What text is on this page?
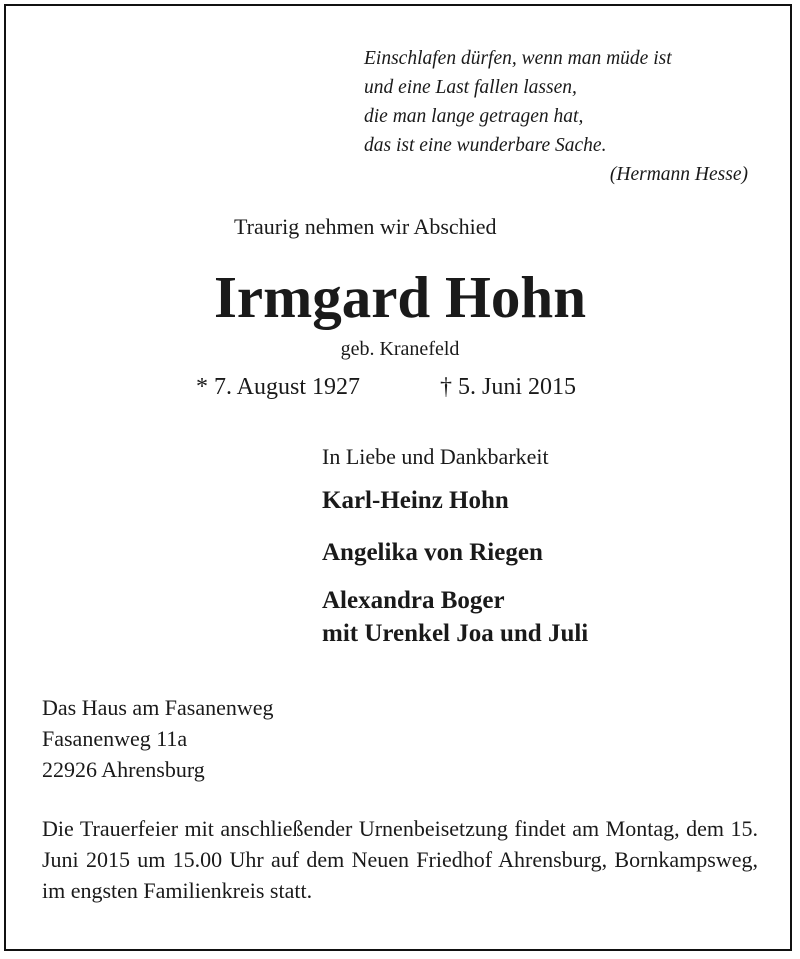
Einschlafen dürfen, wenn man müde ist
und eine Last fallen lassen,
die man lange getragen hat,
das ist eine wunderbare Sache.
(Hermann Hesse)
Traurig nehmen wir Abschied
Irmgard Hohn
geb. Kranefeld
* 7. August 1927	† 5. Juni 2015
In Liebe und Dankbarkeit
Karl-Heinz Hohn
Angelika von Riegen
Alexandra Boger
mit Urenkel Joa und Juli
Das Haus am Fasanenweg
Fasanenweg 11a
22926 Ahrensburg
Die Trauerfeier mit anschließender Urnenbeisetzung findet am Montag, dem 15. Juni 2015 um 15.00 Uhr auf dem Neuen Friedhof Ahrensburg, Bornkampsweg, im engsten Familienkreis statt.
